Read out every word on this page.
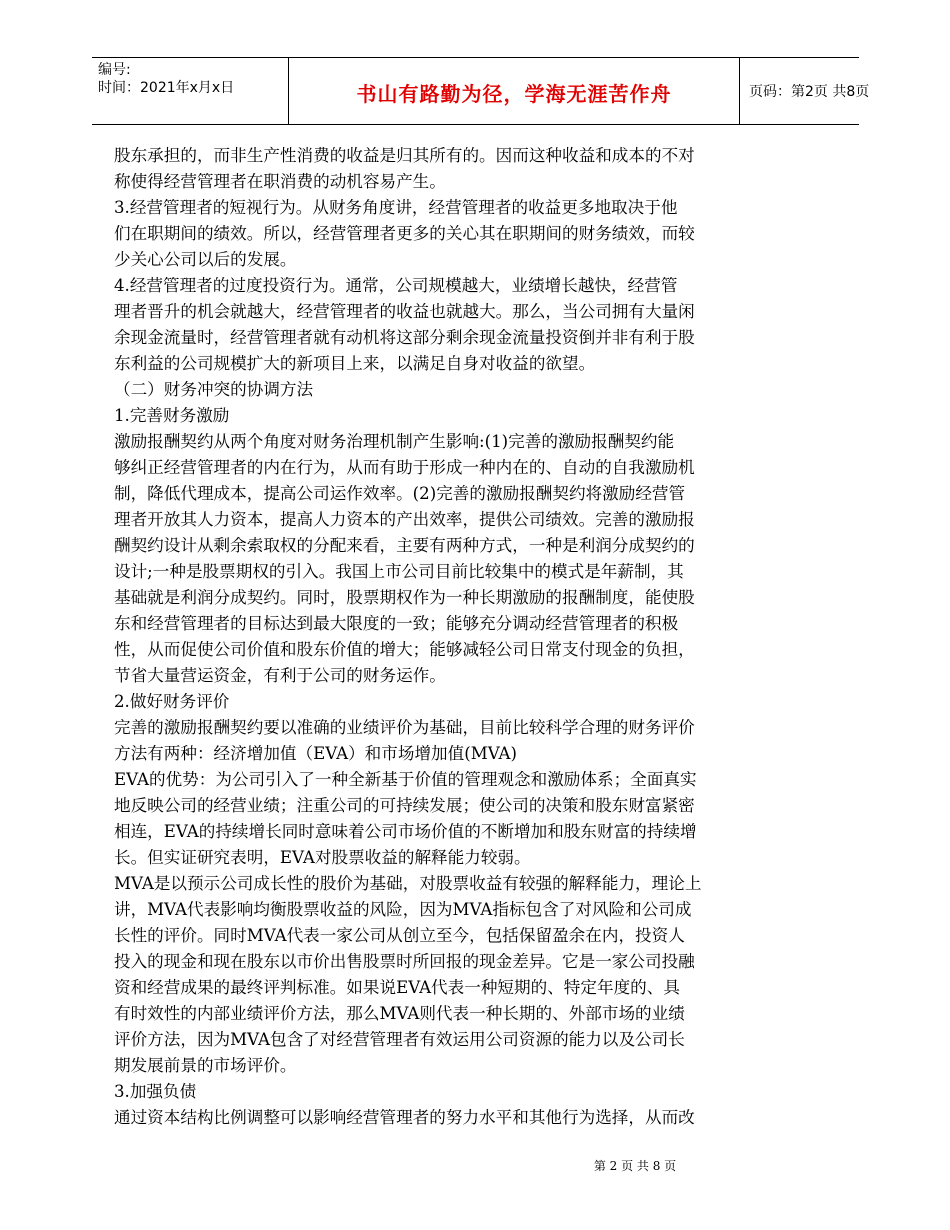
编号:
时间：2021年x月x日	书山有路勤为径，学海无涯苦作舟	页码：第2页 共8页
股东承担的，而非生产性消费的收益是归其所有的。因而这种收益和成本的不对
称使得经营管理者在职消费的动机容易产生。
3.经营管理者的短视行为。从财务角度讲，经营管理者的收益更多地取决于他
们在职期间的绩效。所以，经营管理者更多的关心其在职期间的财务绩效，而较
少关心公司以后的发展。
4.经营管理者的过度投资行为。通常，公司规模越大，业绩增长越快，经营管
理者晋升的机会就越大，经营管理者的收益也就越大。那么，当公司拥有大量闲
余现金流量时，经营管理者就有动机将这部分剩余现金流量投资倒并非有利于股
东利益的公司规模扩大的新项目上来，以满足自身对收益的欲望。
（二）财务冲突的协调方法
1.完善财务激励
激励报酬契约从两个角度对财务治理机制产生影响:(1)完善的激励报酬契约能
够纠正经营管理者的内在行为，从而有助于形成一种内在的、自动的自我激励机
制，降低代理成本，提高公司运作效率。(2)完善的激励报酬契约将激励经营管
理者开放其人力资本，提高人力资本的产出效率，提供公司绩效。完善的激励报
酬契约设计从剩余索取权的分配来看，主要有两种方式，一种是利润分成契约的
设计;一种是股票期权的引入。我国上市公司目前比较集中的模式是年薪制，其
基础就是利润分成契约。同时，股票期权作为一种长期激励的报酬制度，能使股
东和经营管理者的目标达到最大限度的一致；能够充分调动经营管理者的积极
性，从而促使公司价值和股东价值的增大；能够减轻公司日常支付现金的负担，
节省大量营运资金，有利于公司的财务运作。
2.做好财务评价
完善的激励报酬契约要以准确的业绩评价为基础，目前比较科学合理的财务评价
方法有两种：经济增加值（EVA）和市场增加值(MVA)
EVA的优势：为公司引入了一种全新基于价值的管理观念和激励体系；全面真实
地反映公司的经营业绩；注重公司的可持续发展；使公司的决策和股东财富紧密
相连，EVA的持续增长同时意味着公司市场价值的不断增加和股东财富的持续增
长。但实证研究表明，EVA对股票收益的解释能力较弱。
MVA是以预示公司成长性的股价为基础，对股票收益有较强的解释能力，理论上
讲，MVA代表影响均衡股票收益的风险，因为MVA指标包含了对风险和公司成
长性的评价。同时MVA代表一家公司从创立至今，包括保留盈余在内，投资人
投入的现金和现在股东以市价出售股票时所回报的现金差异。它是一家公司投融
资和经营成果的最终评判标准。如果说EVA代表一种短期的、特定年度的、具
有时效性的内部业绩评价方法，那么MVA则代表一种长期的、外部市场的业绩
评价方法，因为MVA包含了对经营管理者有效运用公司资源的能力以及公司长
期发展前景的市场评价。
3.加强负债
通过资本结构比例调整可以影响经营管理者的努力水平和其他行为选择，从而改
第 2 页 共 8 页
